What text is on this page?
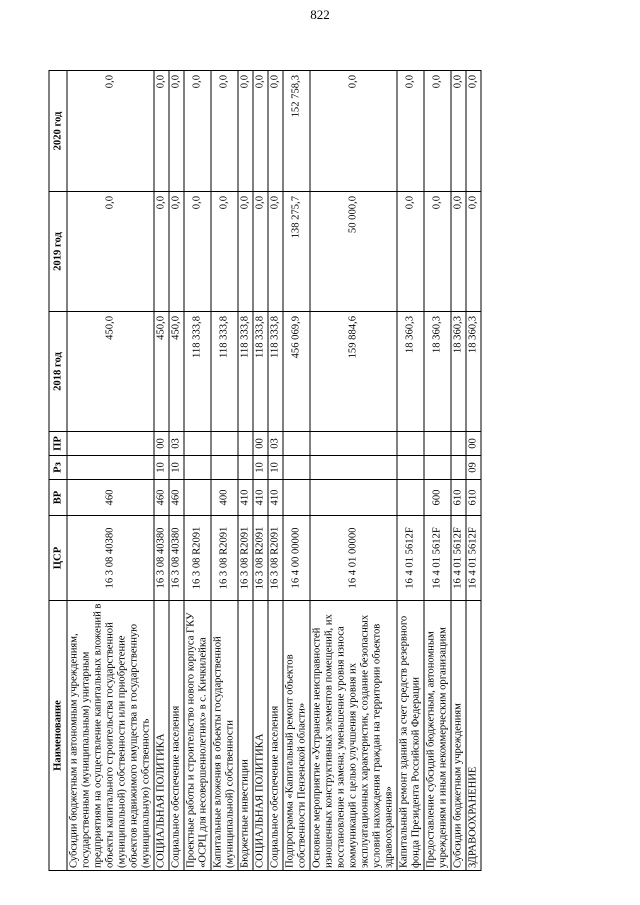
822
Наименование	ЦСР	ВР	Рз	ПР	2018 год	2019 год	2020 год
Субсидии бюджетным и автономным учреждениям, государственным (муниципальным) унитарным предприятиям на осуществление капитальных вложений в объекты капитального строительства государственной (муниципальной) собственности или приобретение объектов недвижимого имущества в государственную (муниципальную) собственность	16 3 08 40380	460			450,0	0,0	0,0
СОЦИАЛЬНАЯ ПОЛИТИКА	16 3 08 40380	460	10	00	450,0	0,0	0,0
Социальное обеспечение населения	16 3 08 40380	460	10	03	450,0	0,0	0,0
Проектные работы и строительство нового корпуса ГКУ «ОСРЦ для несовершеннолетних» в с. Кичкилейка	16 3 08 R2091				118 333,8	0,0	0,0
Капитальные вложения в объекты государственной (муниципальной) собственности	16 3 08 R2091	400			118 333,8	0,0	0,0
Бюджетные инвестиции	16 3 08 R2091	410			118 333,8	0,0	0,0
СОЦИАЛЬНАЯ ПОЛИТИКА	16 3 08 R2091	410	10	00	118 333,8	0,0	0,0
Социальное обеспечение населения	16 3 08 R2091	410	10	03	118 333,8	0,0	0,0
Подпрограмма «Капитальный ремонт объектов собственности Пензенской области»	16 4 00 00000				456 069,9	138 275,7	152 758,3
Основное мероприятие «Устранение неисправностей изношенных конструктивных элементов помещений, их восстановление и замена; уменьшение уровня износа коммуникаций с целью улучшения уровня их эксплуатационных характеристик, создание безопасных условий нахождения граждан на территории объектов здравоохранения»	16 4 01 00000				159 884,6	50 000,0	0,0
Капитальный ремонт зданий за счет средств резервного фонда Президента Российской Федерации	16 4 01 5612F				18 360,3	0,0	0,0
Предоставление субсидий бюджетным, автономным учреждениям и иным некоммерческим организациям	16 4 01 5612F	600			18 360,3	0,0	0,0
Субсидии бюджетным учреждениям	16 4 01 5612F	610			18 360,3	0,0	0,0
ЗДРАВООХРАНЕНИЕ	16 4 01 5612F	610	09	00	18 360,3	0,0	0,0
